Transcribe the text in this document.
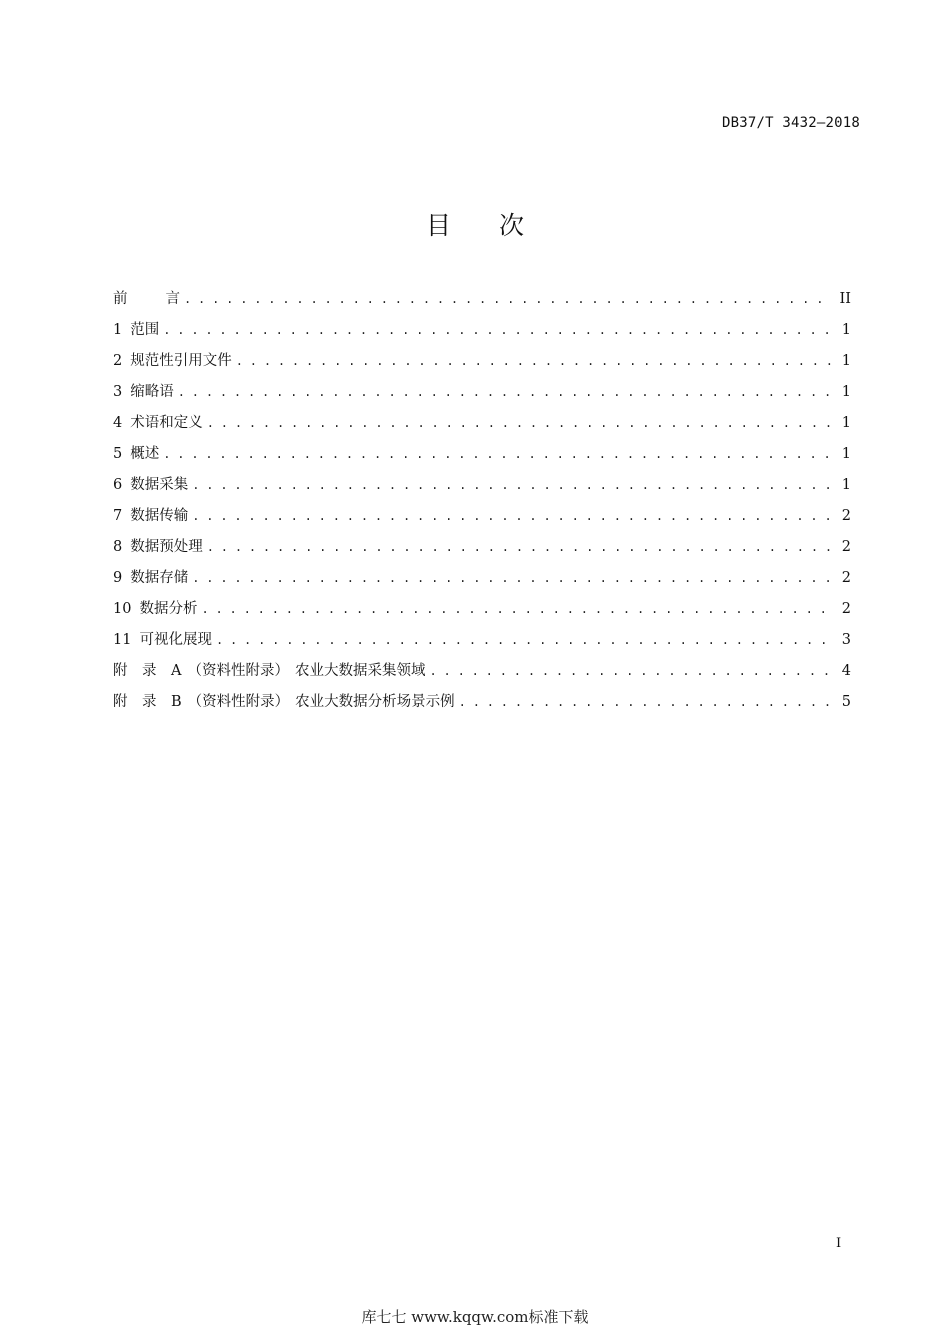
DB37/T 3432—2018
目次
前	言 . . .	II
1 范围 . . .	1
2 规范性引用文件 . . .	1
3 缩略语 . . .	1
4 术语和定义 . . .	1
5 概述 . . .	1
6 数据采集 . . .	1
7 数据传输 . . .	2
8 数据预处理 . . .	2
9 数据存储 . . .	2
10 数据分析 . . .	2
11 可视化展现 . . .	3
附　录　A （资料性附录） 农业大数据采集领域 . . .	4
附　录　B （资料性附录） 农业大数据分析场景示例 . . .	5
I
库七七 www.kqqw.com标准下载
